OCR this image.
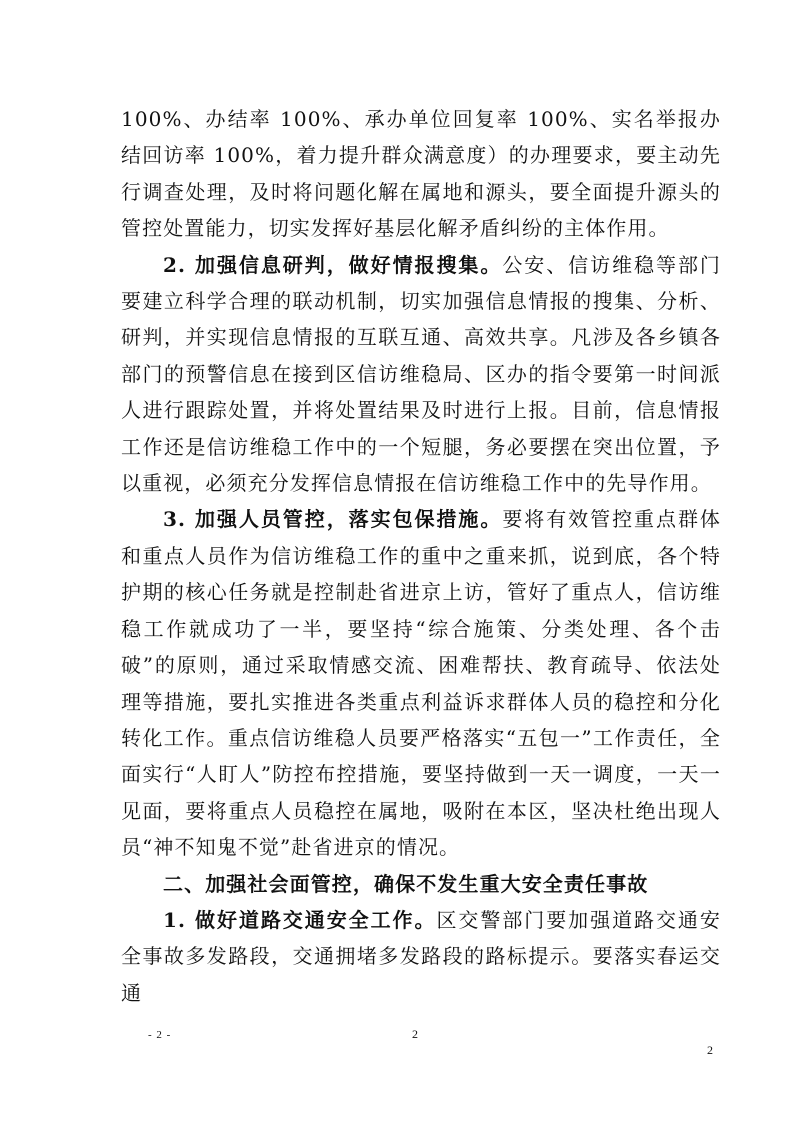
100%、办结率 100%、承办单位回复率 100%、实名举报办结回访率 100%，着力提升群众满意度）的办理要求，要主动先行调查处理，及时将问题化解在属地和源头，要全面提升源头的管控处置能力，切实发挥好基层化解矛盾纠纷的主体作用。

2. 加强信息研判，做好情报搜集。公安、信访维稳等部门要建立科学合理的联动机制，切实加强信息情报的搜集、分析、研判，并实现信息情报的互联互通、高效共享。凡涉及各乡镇各部门的预警信息在接到区信访维稳局、区办的指令要第一时间派人进行跟踪处置，并将处置结果及时进行上报。目前，信息情报工作还是信访维稳工作中的一个短腿，务必要摆在突出位置，予以重视，必须充分发挥信息情报在信访维稳工作中的先导作用。

3. 加强人员管控，落实包保措施。要将有效管控重点群体和重点人员作为信访维稳工作的重中之重来抓，说到底，各个特护期的核心任务就是控制赴省进京上访，管好了重点人，信访维稳工作就成功了一半，要坚持“综合施策、分类处理、各个击破”的原则，通过采取情感交流、困难帮扶、教育疏导、依法处理等措施，要扎实推进各类重点利益诉求群体人员的稳控和分化转化工作。重点信访维稳人员要严格落实“五包一”工作责任，全面实行“人盯人”防控布控措施，要坚持做到一天一调度，一天一见面，要将重点人员稳控在属地，吸附在本区，坚决杜绝出现人员“神不知鬼不觉”赴省进京的情况。

二、加强社会面管控，确保不发生重大安全责任事故

1. 做好道路交通安全工作。区交警部门要加强道路交通安全事故多发路段，交通拥堵多发路段的路标提示。要落实春运交通

- 2 -	2
2
